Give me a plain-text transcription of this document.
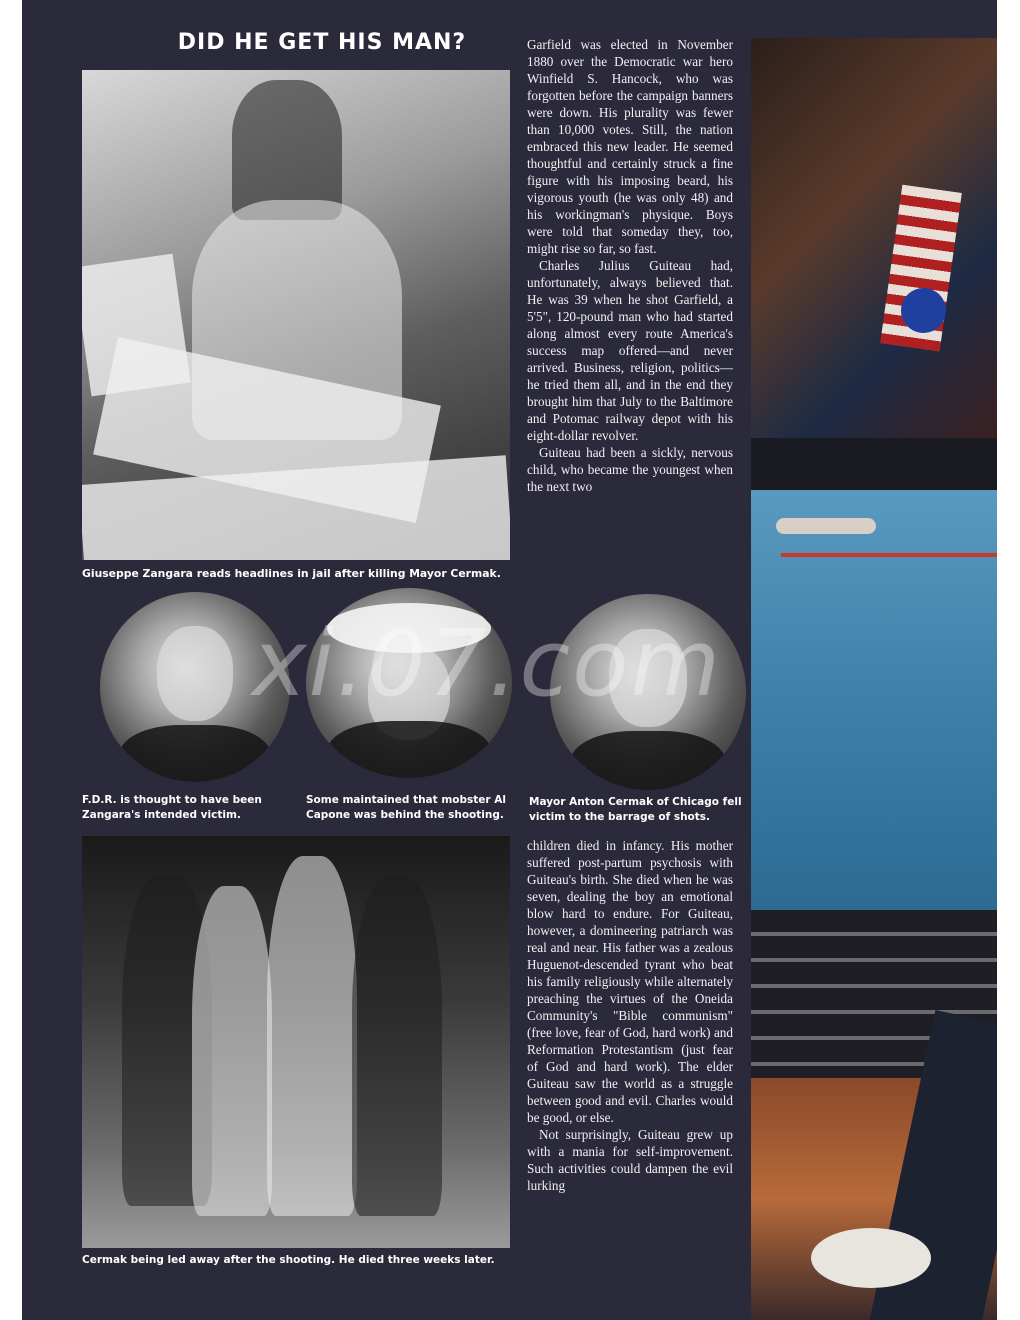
DID HE GET HIS MAN?
Giuseppe Zangara reads headlines in jail after killing Mayor Cermak.
F.D.R. is thought to have been Zangara's intended victim.
Some maintained that mobster Al Capone was behind the shooting.
Mayor Anton Cermak of Chicago fell victim to the barrage of shots.
Cermak being led away after the shooting. He died three weeks later.

Garfield was elected in November 1880 over the Democratic war hero Winfield S. Hancock, who was forgotten before the campaign banners were down. His plurality was fewer than 10,000 votes. Still, the nation embraced this new leader. He seemed thoughtful and certainly struck a fine figure with his imposing beard, his vigorous youth (he was only 48) and his workingman's physique. Boys were told that someday they, too, might rise so far, so fast.

Charles Julius Guiteau had, unfortunately, always believed that. He was 39 when he shot Garfield, a 5'5", 120-pound man who had started along almost every route America's success map offered—and never arrived. Business, religion, politics—he tried them all, and in the end they brought him that July to the Baltimore and Potomac railway depot with his eight-dollar revolver.

Guiteau had been a sickly, nervous child, who became the youngest when the next two

children died in infancy. His mother suffered post-partum psychosis with Guiteau's birth. She died when he was seven, dealing the boy an emotional blow hard to endure. For Guiteau, however, a domineering patriarch was real and near. His father was a zealous Huguenot-descended tyrant who beat his family religiously while alternately preaching the virtues of the Oneida Community's "Bible communism" (free love, fear of God, hard work) and Reformation Protestantism (just fear of God and hard work). The elder Guiteau saw the world as a struggle between good and evil. Charles would be good, or else.

Not surprisingly, Guiteau grew up with a mania for self-improvement. Such activities could dampen the evil lurking

xi.07.com
